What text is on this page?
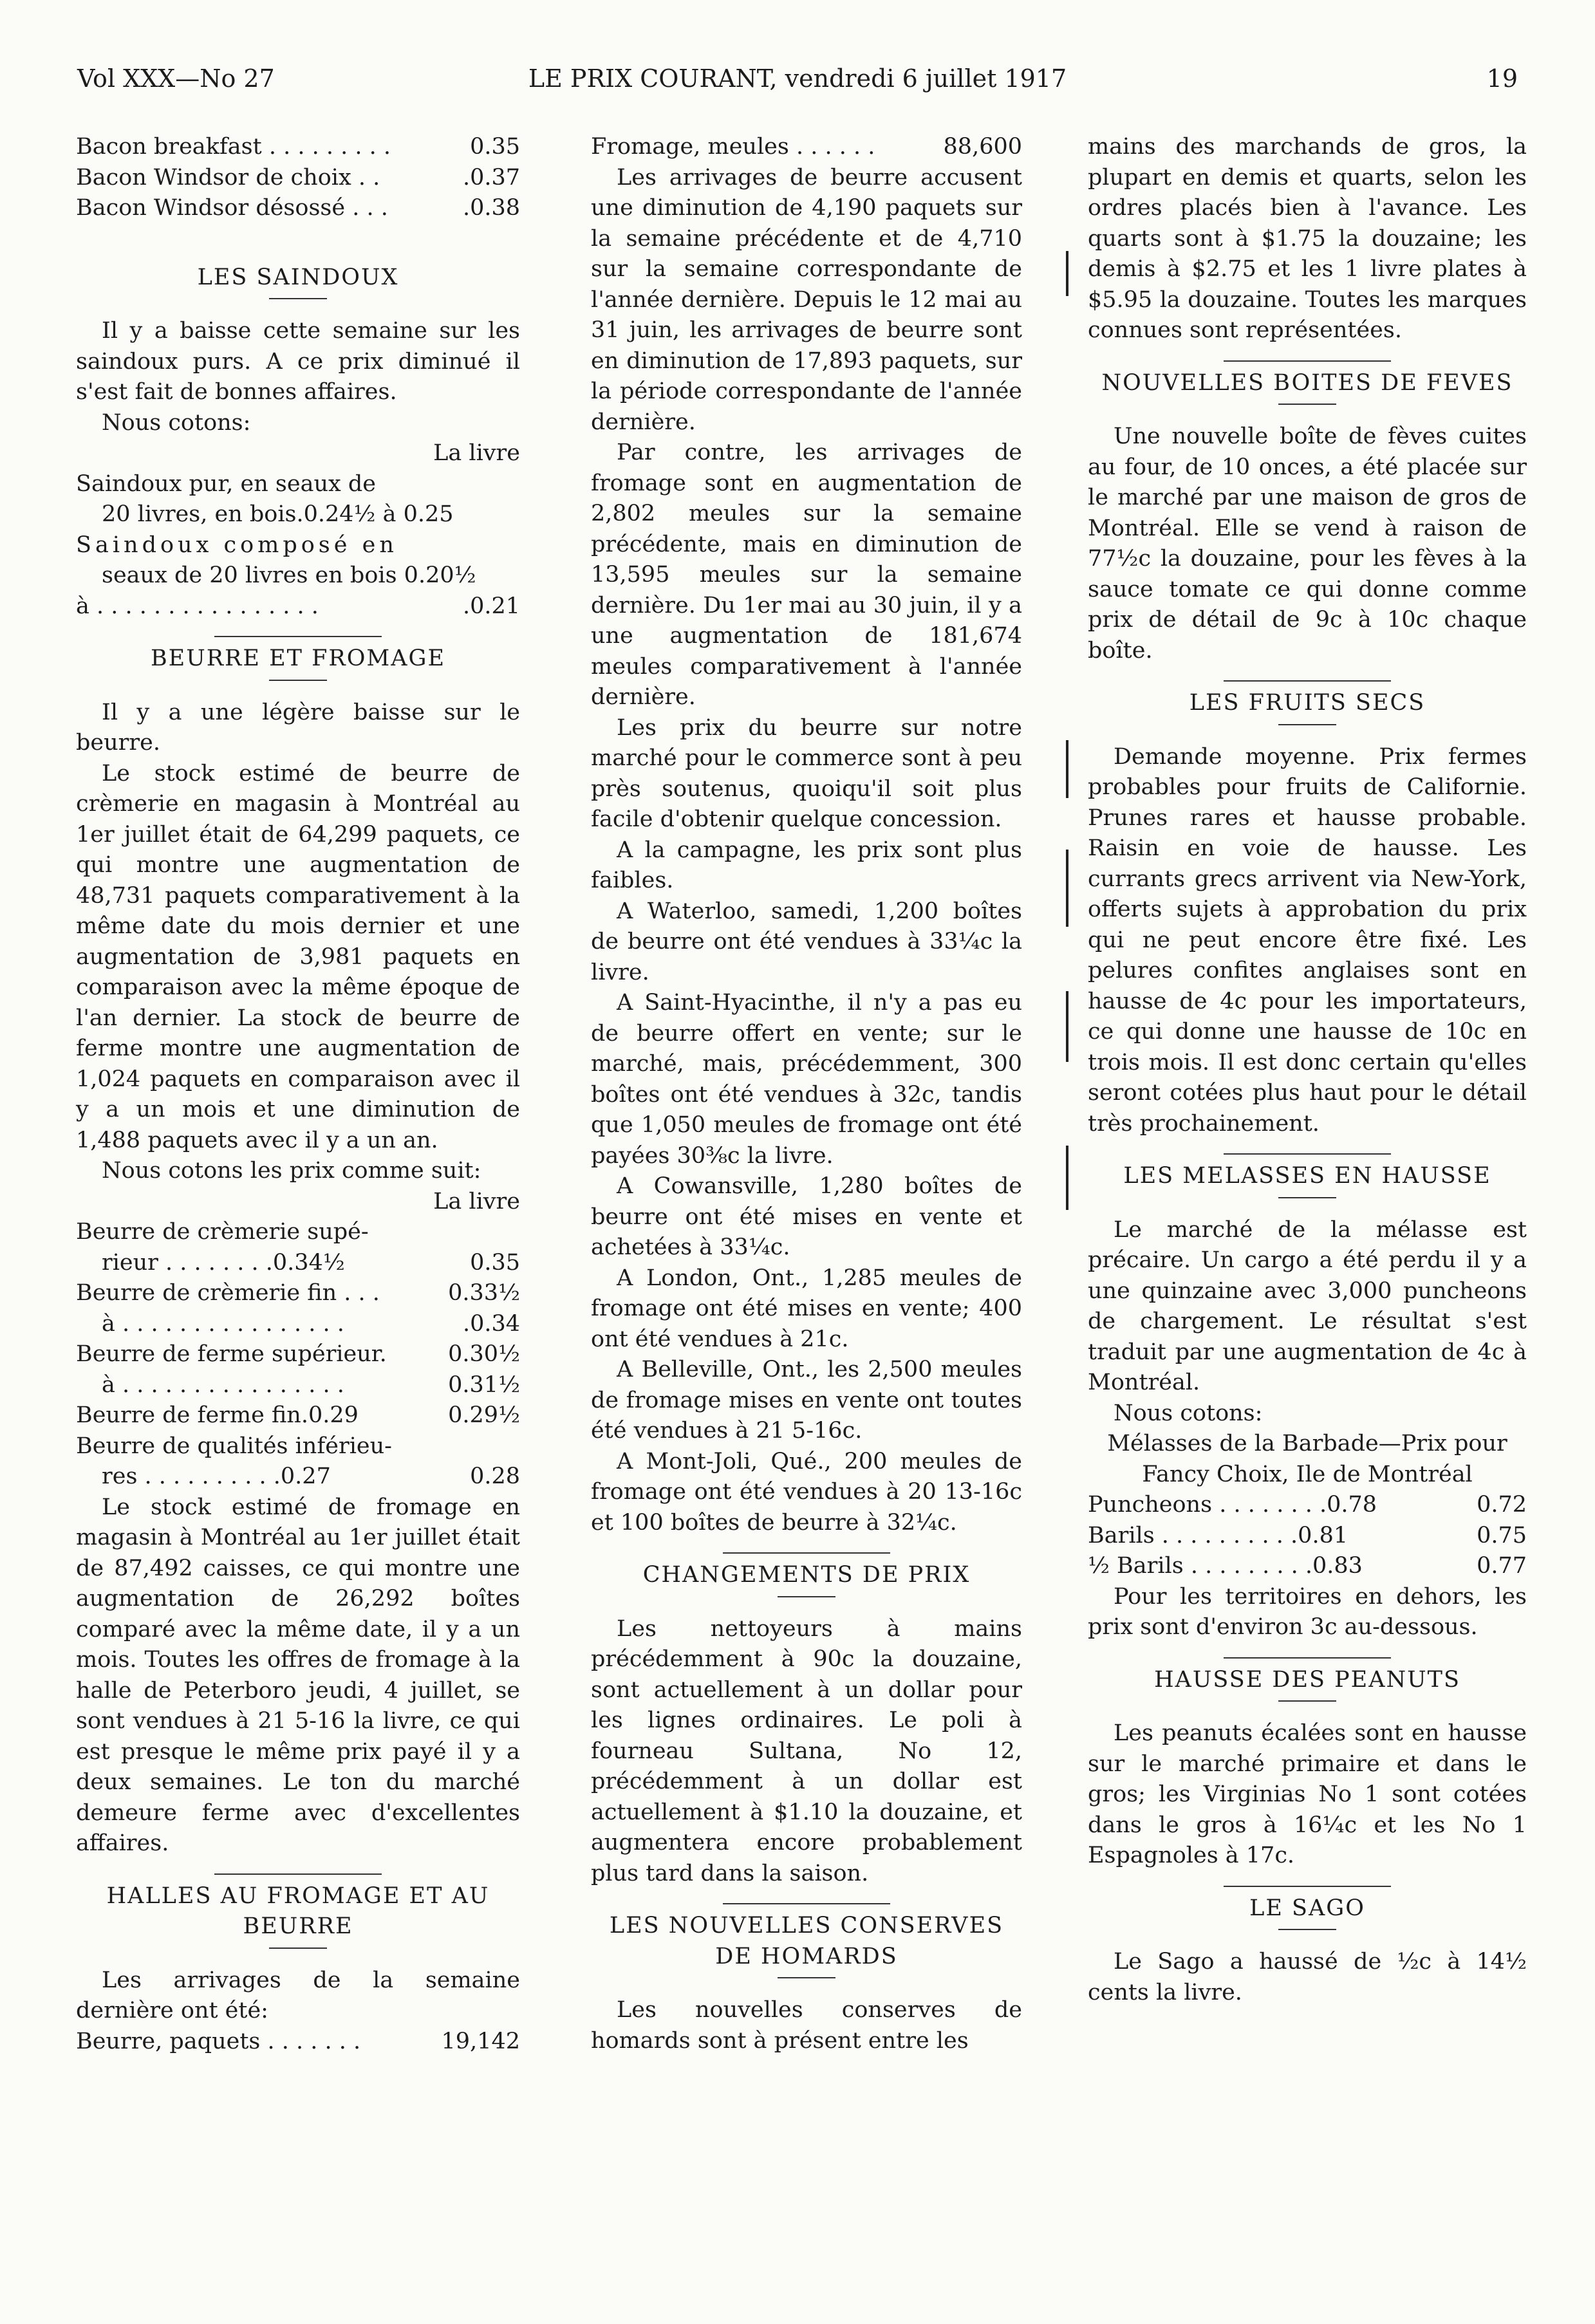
Vol XXX—No 27	LE PRIX COURANT, vendredi 6 juillet 1917	19
Bacon breakfast . . . . . . . . .	0.35
Bacon Windsor de choix . .	.0.37
Bacon Windsor désossé . . .	.0.38
LES SAINDOUX

Il y a baisse cette semaine sur les saindoux purs. A ce prix diminué il s'est fait de bonnes affaires.

Nous cotons:

La livre
Saindoux pur, en seaux de
20 livres, en bois.0.24½ à 0.25
Saindoux composé en
seaux de 20 livres en bois 0.20½
à . . . . . . . . . . . . . . . .	.0.21
BEURRE ET FROMAGE

Il y a une légère baisse sur le beurre.

Le stock estimé de beurre de crèmerie en magasin à Montréal au 1er juillet était de 64,299 paquets, ce qui montre une augmentation de 48,731 paquets comparativement à la même date du mois dernier et une augmentation de 3,981 paquets en comparaison avec la même époque de l'an dernier. La stock de beurre de ferme montre une augmentation de 1,024 paquets en comparaison avec il y a un mois et une diminution de 1,488 paquets avec il y a un an.

Nous cotons les prix comme suit:

La livre
Beurre de crèmerie supé-
rieur . . . . . . . .0.34½	0.35
Beurre de crèmerie fin . . .	0.33½
à . . . . . . . . . . . . . . . .	.0.34
Beurre de ferme supérieur.	0.30½
à . . . . . . . . . . . . . . . .	0.31½
Beurre de ferme fin.0.29	0.29½
Beurre de qualités inférieu-
res . . . . . . . . . .0.27	0.28

Le stock estimé de fromage en magasin à Montréal au 1er juillet était de 87,492 caisses, ce qui montre une augmentation de 26,292 boîtes comparé avec la même date, il y a un mois. Toutes les offres de fromage à la halle de Peterboro jeudi, 4 juillet, se sont vendues à 21 5-16 la livre, ce qui est presque le même prix payé il y a deux semaines. Le ton du marché demeure ferme avec d'excellentes affaires.

HALLES AU FROMAGE ET AU BEURRE

Les arrivages de la semaine dernière ont été:

Beurre, paquets . . . . . . .	19,142
Fromage, meules . . . . . .	88,600

Les arrivages de beurre accusent une diminution de 4,190 paquets sur la semaine précédente et de 4,710 sur la semaine correspondante de l'année dernière. Depuis le 12 mai au 31 juin, les arrivages de beurre sont en diminution de 17,893 paquets, sur la période correspondante de l'année dernière.

Par contre, les arrivages de fromage sont en augmentation de 2,802 meules sur la semaine précédente, mais en diminution de 13,595 meules sur la semaine dernière. Du 1er mai au 30 juin, il y a une augmentation de 181,674 meules comparativement à l'année dernière.

Les prix du beurre sur notre marché pour le commerce sont à peu près soutenus, quoiqu'il soit plus facile d'obtenir quelque concession.

A la campagne, les prix sont plus faibles.

A Waterloo, samedi, 1,200 boîtes de beurre ont été vendues à 33¼c la livre.

A Saint-Hyacinthe, il n'y a pas eu de beurre offert en vente; sur le marché, mais, précédemment, 300 boîtes ont été vendues à 32c, tandis que 1,050 meules de fromage ont été payées 30⅜c la livre.

A Cowansville, 1,280 boîtes de beurre ont été mises en vente et achetées à 33¼c.

A London, Ont., 1,285 meules de fromage ont été mises en vente; 400 ont été vendues à 21c.

A Belleville, Ont., les 2,500 meules de fromage mises en vente ont toutes été vendues à 21 5-16c.

A Mont-Joli, Qué., 200 meules de fromage ont été vendues à 20 13-16c et 100 boîtes de beurre à 32¼c.

CHANGEMENTS DE PRIX

Les nettoyeurs à mains précédemment à 90c la douzaine, sont actuellement à un dollar pour les lignes ordinaires. Le poli à fourneau Sultana, No 12, précédemment à un dollar est actuellement à $1.10 la douzaine, et augmentera encore probablement plus tard dans la saison.

LES NOUVELLES CONSERVES DE HOMARDS

Les nouvelles conserves de homards sont à présent entre les

mains des marchands de gros, la plupart en demis et quarts, selon les ordres placés bien à l'avance. Les quarts sont à $1.75 la douzaine; les demis à $2.75 et les 1 livre plates à $5.95 la douzaine. Toutes les marques connues sont représentées.

NOUVELLES BOITES DE FEVES

Une nouvelle boîte de fèves cuites au four, de 10 onces, a été placée sur le marché par une maison de gros de Montréal. Elle se vend à raison de 77½c la douzaine, pour les fèves à la sauce tomate ce qui donne comme prix de détail de 9c à 10c chaque boîte.

LES FRUITS SECS

Demande moyenne. Prix fermes probables pour fruits de Californie. Prunes rares et hausse probable. Raisin en voie de hausse. Les currants grecs arrivent via New-York, offerts sujets à approbation du prix qui ne peut encore être fixé. Les pelures confites anglaises sont en hausse de 4c pour les importateurs, ce qui donne une hausse de 10c en trois mois. Il est donc certain qu'elles seront cotées plus haut pour le détail très prochainement.

LES MELASSES EN HAUSSE

Le marché de la mélasse est précaire. Un cargo a été perdu il y a une quinzaine avec 3,000 puncheons de chargement. Le résultat s'est traduit par une augmentation de 4c à Montréal.

Nous cotons:

Mélasses de la Barbade—Prix pour Fancy Choix, Ile de Montréal
Puncheons . . . . . . . .0.78	0.72
Barils . . . . . . . . . .0.81	0.75
½ Barils . . . . . . . . .0.83	0.77

Pour les territoires en dehors, les prix sont d'environ 3c au-dessous.

HAUSSE DES PEANUTS

Les peanuts écalées sont en hausse sur le marché primaire et dans le gros; les Virginias No 1 sont cotées dans le gros à 16¼c et les No 1 Espagnoles à 17c.

LE SAGO

Le Sago a haussé de ½c à 14½ cents la livre.
